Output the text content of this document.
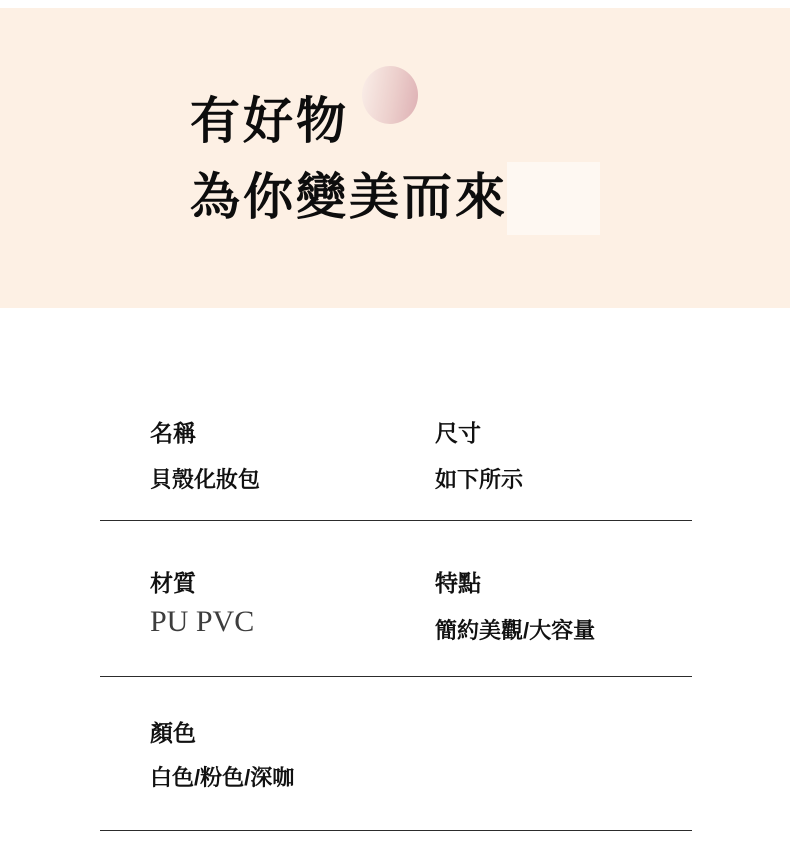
有好物
為你變美而來
名稱
貝殼化妝包
尺寸
如下所示
材質
PU PVC
特點
簡約美觀/大容量
顏色
白色/粉色/深咖
